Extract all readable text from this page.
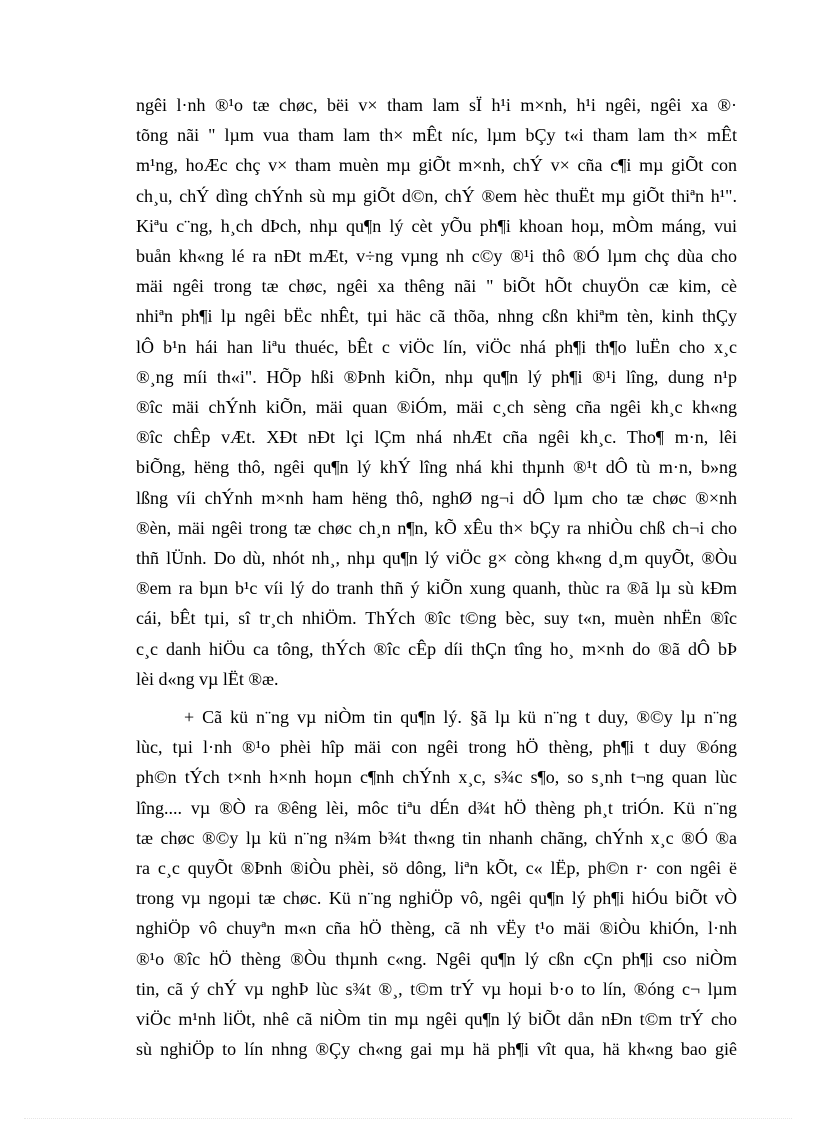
ngêi l·nh ®¹o tæ chøc, bëi v× tham lam sÏ h¹i m×nh, h¹i ngêi, ngêi xa ®·

tõng nãi " lµm vua tham lam th× mÊt níc, lµm bÇy t«i tham lam th× mÊt

m¹ng, hoÆc chç v× tham muèn mµ giÕt m×nh, chÝ v× cña c¶i mµ giÕt con

ch¸u, chÝ dìng chÝnh sù mµ giÕt d©n, chÝ ®em hèc thuËt mµ giÕt thiªn h¹".

Kiªu c¨ng, h¸ch dÞch, nhµ qu¶n lý cèt yÕu ph¶i khoan hoµ, mÒm máng, vui

buån kh«ng lé ra nÐt mÆt, v÷ng vµng nh c©y ®¹i thô ®Ó lµm chç dùa cho

mäi ngêi trong tæ chøc, ngêi xa thêng nãi " biÕt hÕt chuyÖn cæ kim, cè

nhiªn ph¶i lµ ngêi bËc nhÊt, tµi häc cã thõa, nhng cßn khiªm tèn, kinh thÇy

lÔ b¹n hái han liªu thuéc, bÊt c viÖc lín, viÖc nhá ph¶i th¶o luËn cho x¸c

®¸ng míi th«i". HÕp hßi ®Þnh kiÕn, nhµ qu¶n lý ph¶i ®¹i lîng, dung n¹p

®îc mäi chÝnh kiÕn, mäi quan ®iÓm, mäi c¸ch sèng cña ngêi kh¸c kh«ng

®îc chÊp vÆt. XÐt nÐt lçi lÇm nhá nhÆt cña ngêi kh¸c. Tho¶ m·n, lêi

biÕng, hëng thô, ngêi qu¶n lý khÝ lîng nhá khi thµnh ®¹t dÔ tù m·n, b»ng

lßng víi chÝnh m×nh ham hëng thô, nghØ ng¬i dÔ lµm cho tæ chøc ®×nh

®èn, mäi ngêi trong tæ chøc ch¸n n¶n, kÕ xÊu th× bÇy ra nhiÒu chß ch¬i cho

thñ lÜnh. Do dù, nhót nh¸, nhµ qu¶n lý viÖc g× còng kh«ng d¸m quyÕt, ®Òu

®em ra bµn b¹c víi lý do tranh thñ ý kiÕn xung quanh, thùc ra ®ã lµ sù kÐm

cái, bÊt tµi, sî tr¸ch nhiÖm. ThÝch ®îc t©ng bèc, suy t«n, muèn nhËn ®îc

c¸c danh hiÖu ca tông, thÝch ®îc cÊp díi thÇn tîng ho¸ m×nh do ®ã dÔ bÞ

lèi d«ng vµ lËt ®æ.

+ Cã kü n¨ng vµ niÒm tin qu¶n lý. §ã lµ kü n¨ng t duy, ®©y lµ n¨ng

lùc, tµi l·nh ®¹o phèi hîp mäi con ngêi trong hÖ thèng, ph¶i t duy ®óng

ph©n tÝch t×nh h×nh hoµn c¶nh chÝnh x¸c, s¾c s¶o, so s¸nh t¬ng quan lùc

lîng.... vµ ®Ò ra ®êng lèi, môc tiªu dÉn d¾t hÖ thèng ph¸t triÓn. Kü n¨ng

tæ chøc ®©y lµ kü n¨ng n¾m b¾t th«ng tin nhanh chãng, chÝnh x¸c ®Ó ®a

ra c¸c quyÕt ®Þnh ®iÒu phèi, sö dông, liªn kÕt, c« lËp, ph©n r· con ngêi ë

trong vµ ngoµi tæ chøc. Kü n¨ng nghiÖp vô, ngêi qu¶n lý ph¶i hiÓu biÕt vÒ

nghiÖp vô chuyªn m«n cña hÖ thèng, cã nh vËy t¹o mäi ®iÒu khiÓn, l·nh

®¹o ®îc hÖ thèng ®Òu thµnh c«ng. Ngêi qu¶n lý cßn cÇn ph¶i cso niÒm

tin, cã ý chÝ vµ nghÞ lùc s¾t ®¸, t©m trÝ vµ hoµi b·o to lín, ®óng c¬ lµm

viÖc m¹nh liÖt, nhê cã niÒm tin mµ ngêi qu¶n lý biÕt dån nÐn t©m trÝ cho

sù nghiÖp to lín nhng ®Çy ch«ng gai mµ hä ph¶i vît qua, hä kh«ng bao giê
